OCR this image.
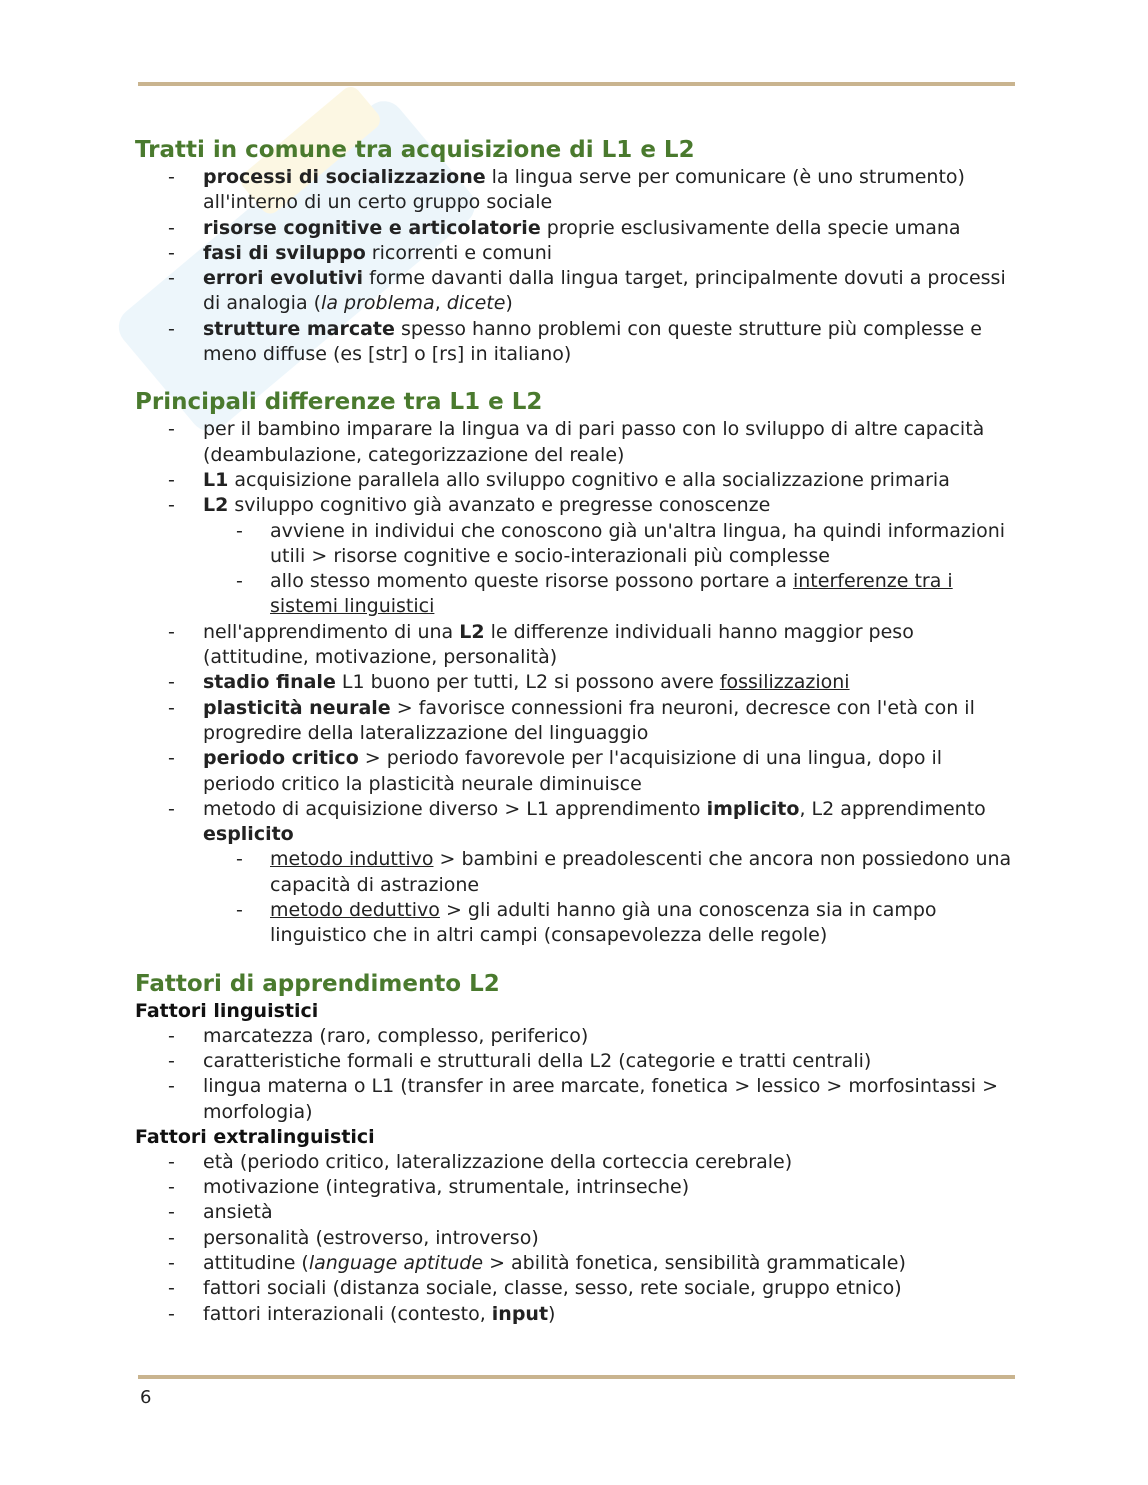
Tratti in comune tra acquisizione di L1 e L2
- processi di socializzazione la lingua serve per comunicare (è uno strumento) all'interno di un certo gruppo sociale
- risorse cognitive e articolatorie proprie esclusivamente della specie umana
- fasi di sviluppo ricorrenti e comuni
- errori evolutivi forme davanti dalla lingua target, principalmente dovuti a processi di analogia (la problema, dicete)
- strutture marcate spesso hanno problemi con queste strutture più complesse e meno diffuse (es [str] o [rs] in italiano)
Principali differenze tra L1 e L2
- per il bambino imparare la lingua va di pari passo con lo sviluppo di altre capacità (deambulazione, categorizzazione del reale)
- L1 acquisizione parallela allo sviluppo cognitivo e alla socializzazione primaria
- L2 sviluppo cognitivo già avanzato e pregresse conoscenze
- avviene in individui che conoscono già un'altra lingua, ha quindi informazioni utili > risorse cognitive e socio-interazionali più complesse
- allo stesso momento queste risorse possono portare a interferenze tra i sistemi linguistici
- nell'apprendimento di una L2 le differenze individuali hanno maggior peso (attitudine, motivazione, personalità)
- stadio finale L1 buono per tutti, L2 si possono avere fossilizzazioni
- plasticità neurale > favorisce connessioni fra neuroni, decresce con l'età con il progredire della lateralizzazione del linguaggio
- periodo critico > periodo favorevole per l'acquisizione di una lingua, dopo il periodo critico la plasticità neurale diminuisce
- metodo di acquisizione diverso > L1 apprendimento implicito, L2 apprendimento esplicito
- metodo induttivo > bambini e preadolescenti che ancora non possiedono una capacità di astrazione
- metodo deduttivo > gli adulti hanno già una conoscenza sia in campo linguistico che in altri campi (consapevolezza delle regole)
Fattori di apprendimento L2
Fattori linguistici
- marcatezza (raro, complesso, periferico)
- caratteristiche formali e strutturali della L2 (categorie e tratti centrali)
- lingua materna o L1 (transfer in aree marcate, fonetica > lessico > morfosintassi > morfologia)
Fattori extralinguistici
- età (periodo critico, lateralizzazione della corteccia cerebrale)
- motivazione (integrativa, strumentale, intrinseche)
- ansietà
- personalità (estroverso, introverso)
- attitudine (language aptitude > abilità fonetica, sensibilità grammaticale)
- fattori sociali (distanza sociale, classe, sesso, rete sociale, gruppo etnico)
- fattori interazionali (contesto, input)
6
